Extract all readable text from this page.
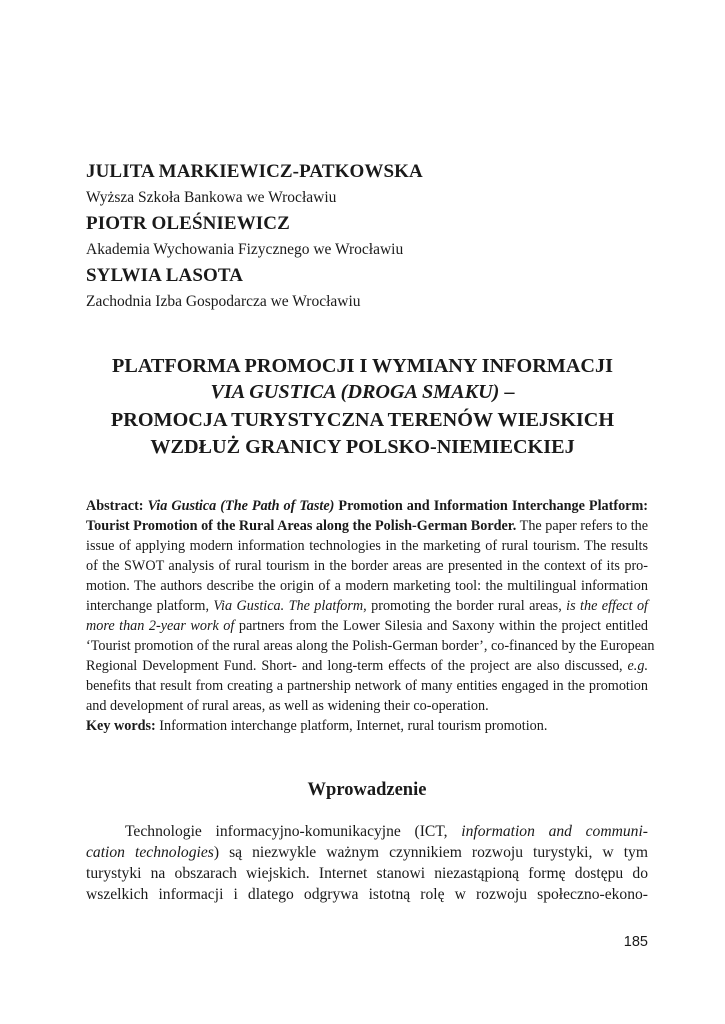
JULITA MARKIEWICZ-PATKOWSKA
Wyższa Szkoła Bankowa we Wrocławiu
PIOTR OLEŚNIEWICZ
Akademia Wychowania Fizycznego we Wrocławiu
SYLWIA LASOTA
Zachodnia Izba Gospodarcza we Wrocławiu
PLATFORMA PROMOCJI I WYMIANY INFORMACJI
VIA GUSTICA (DROGA SMAKU) –
PROMOCJA TURYSTYCZNA TERENÓW WIEJSKICH
WZDŁUŻ GRANICY POLSKO-NIEMIECKIEJ
Abstract: Via Gustica (The Path of Taste) Promotion and Information Interchange Platform:
Tourist Promotion of the Rural Areas along the Polish-German Border. The paper refers to the
issue of applying modern information technologies in the marketing of rural tourism. The results
of the SWOT analysis of rural tourism in the border areas are presented in the context of its pro-
motion. The authors describe the origin of a modern marketing tool: the multilingual information
interchange platform, Via Gustica. The platform, promoting the border rural areas, is the effect of
more than 2-year work of partners from the Lower Silesia and Saxony within the project entitled
‘Tourist promotion of the rural areas along the Polish-German border’, co-financed by the European
Regional Development Fund. Short- and long-term effects of the project are also discussed, e.g.
benefits that result from creating a partnership network of many entities engaged in the promotion
and development of rural areas, as well as widening their co-operation.
Key words: Information interchange platform, Internet, rural tourism promotion.
Wprowadzenie
Technologie informacyjno-komunikacyjne (ICT, information and communi-
cation technologies) są niezwykle ważnym czynnikiem rozwoju turystyki, w tym
turystyki na obszarach wiejskich. Internet stanowi niezastąpioną formę dostępu do
wszelkich informacji i dlatego odgrywa istotną rolę w rozwoju społeczno-ekono-
185
